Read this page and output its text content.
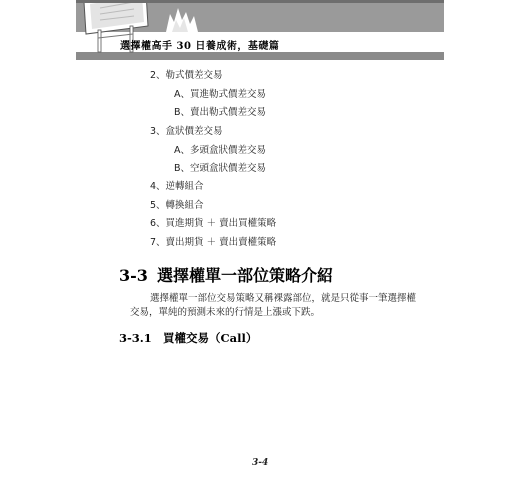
選擇權高手 30 日養成術，基礎篇
2、勒式價差交易
A、買進勒式價差交易
B、賣出勒式價差交易
3、盒狀價差交易
A、多頭盒狀價差交易
B、空頭盒狀價差交易
4、逆轉組合
5、轉換組合
6、買進期貨 ＋ 賣出買權策略
7、賣出期貨 ＋ 賣出賣權策略
3-3 選擇權單一部位策略介紹
選擇權單一部位交易策略又稱裸露部位，就是只從事一筆選擇權
交易，單純的預測未來的行情是上漲或下跌。
3-3.1 買權交易（Call）
3-4
